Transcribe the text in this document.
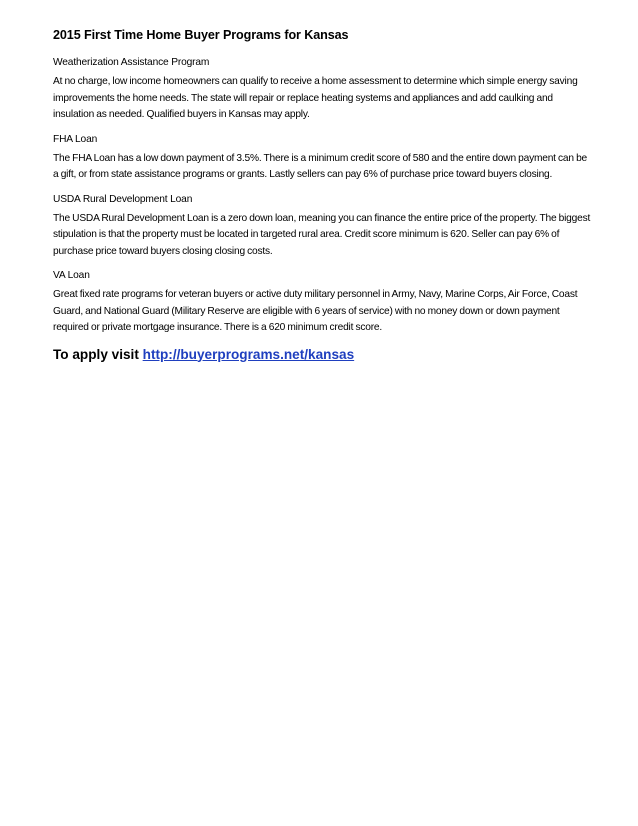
2015 First Time Home Buyer Programs for Kansas

Weatherization Assistance Program

At no charge, low income homeowners can qualify to receive a home assessment to determine which simple energy saving improvements the home needs. The state will repair or replace heating systems and appliances and add caulking and insulation as needed. Qualified buyers in Kansas may apply.

FHA Loan

The FHA Loan has a low down payment of 3.5%. There is a minimum credit score of 580 and the entire down payment can be a gift, or from state assistance programs or grants. Lastly sellers can pay 6% of purchase price toward buyers closing.

USDA Rural Development Loan

The USDA Rural Development Loan is a zero down loan, meaning you can finance the entire price of the property. The biggest stipulation is that the property must be located in targeted rural area. Credit score minimum is 620. Seller can pay 6% of purchase price toward buyers closing closing costs.

VA Loan

Great fixed rate programs for veteran buyers or active duty military personnel in Army, Navy, Marine Corps, Air Force, Coast Guard, and National Guard (Military Reserve are eligible with 6 years of service) with no money down or down payment required or private mortgage insurance. There is a 620 minimum credit score.

To apply visit http://buyerprograms.net/kansas
